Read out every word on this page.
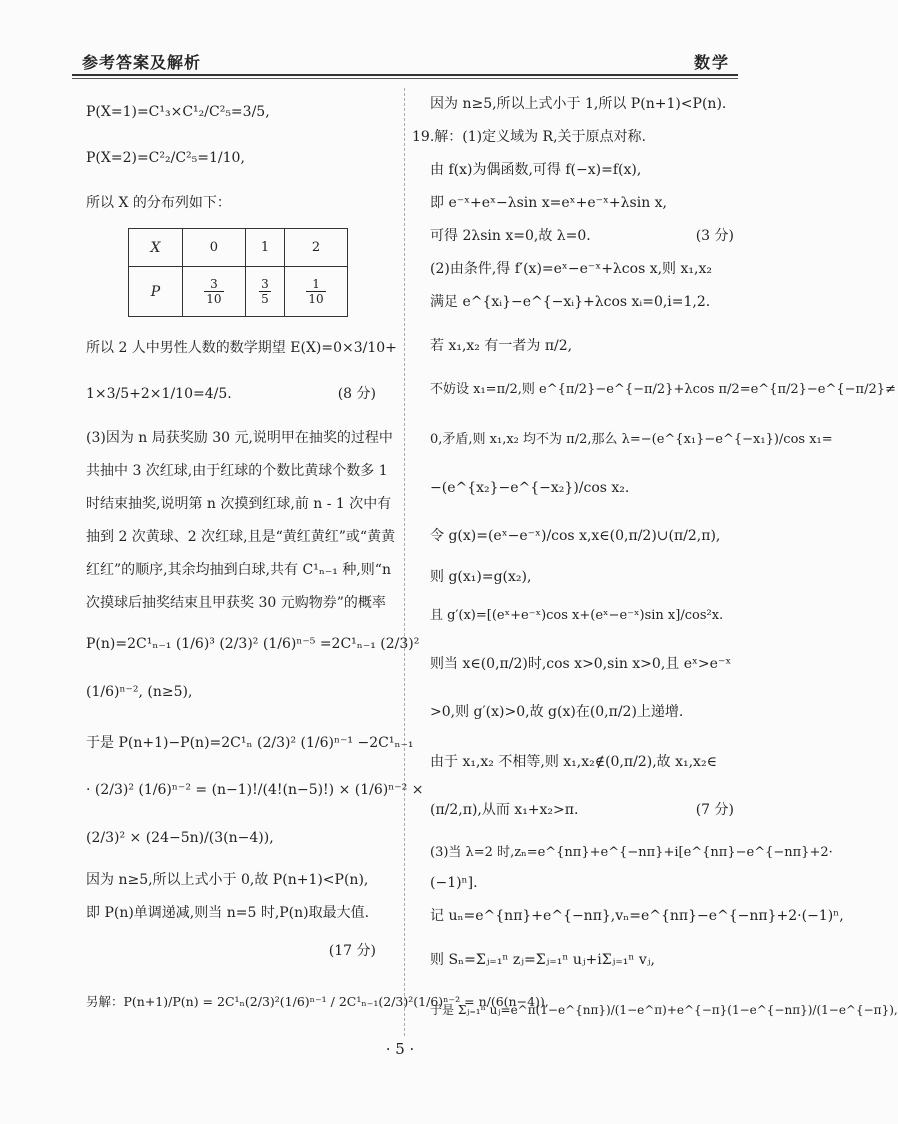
参考答案及解析	数学
P(X=1)=C¹₃×C¹₂/C²₅=3/5,
P(X=2)=C²₂/C²₅=1/10,
所以 X 的分布列如下：
X	0	1	2
P	$\frac{3}{10}$	$\frac{3}{5}$	$\frac{1}{10}$
所以 2 人中男性人数的数学期望 E(X)=0×3/10+
1×3/5+2×1/10=4/5.	(8 分)
(3)因为 n 局获奖励 30 元,说明甲在抽奖的过程中
共抽中 3 次红球,由于红球的个数比黄球个数多 1
时结束抽奖,说明第 n 次摸到红球,前 n - 1 次中有
抽到 2 次黄球、2 次红球,且是“黄红黄红”或“黄黄
红红”的顺序,其余均抽到白球,共有 C¹ₙ₋₁ 种,则“n
次摸球后抽奖结束且甲获奖 30 元购物券”的概率
P(n)=2C¹ₙ₋₁ (1/6)³ (2/3)² (1/6)ⁿ⁻⁵ =2C¹ₙ₋₁ (2/3)²
(1/6)ⁿ⁻², (n≥5),
于是 P(n+1)−P(n)=2C¹ₙ (2/3)² (1/6)ⁿ⁻¹ −2C¹ₙ₋₁
· (2/3)² (1/6)ⁿ⁻² = (n−1)!/(4!(n−5)!) × (1/6)ⁿ⁻² ×
(2/3)² × (24−5n)/(3(n−4)),
因为 n≥5,所以上式小于 0,故 P(n+1)<P(n),
即 P(n)单调递减,则当 n=5 时,P(n)取最大值.
(17 分)
另解：P(n+1)/P(n) = 2C¹ₙ(2/3)²(1/6)ⁿ⁻¹ / 2C¹ₙ₋₁(2/3)²(1/6)ⁿ⁻² = n/(6(n−4)),
因为 n≥5,所以上式小于 1,所以 P(n+1)<P(n).
19.解：(1)定义域为 R,关于原点对称.
由 f(x)为偶函数,可得 f(−x)=f(x),
即 e⁻ˣ+eˣ−λsin x=eˣ+e⁻ˣ+λsin x,
可得 2λsin x=0,故 λ=0.	(3 分)
(2)由条件,得 f′(x)=eˣ−e⁻ˣ+λcos x,则 x₁,x₂
满足 e^{xᵢ}−e^{−xᵢ}+λcos xᵢ=0,i=1,2.
若 x₁,x₂ 有一者为 π/2,
不妨设 x₁=π/2,则 e^{π/2}−e^{−π/2}+λcos π/2=e^{π/2}−e^{−π/2}≠
0,矛盾,则 x₁,x₂ 均不为 π/2,那么 λ=−(e^{x₁}−e^{−x₁})/cos x₁=
−(e^{x₂}−e^{−x₂})/cos x₂.
令 g(x)=(eˣ−e⁻ˣ)/cos x,x∈(0,π/2)∪(π/2,π),
则 g(x₁)=g(x₂),
且 g′(x)=[(eˣ+e⁻ˣ)cos x+(eˣ−e⁻ˣ)sin x]/cos²x.
则当 x∈(0,π/2)时,cos x>0,sin x>0,且 eˣ>e⁻ˣ
>0,则 g′(x)>0,故 g(x)在(0,π/2)上递增.
由于 x₁,x₂ 不相等,则 x₁,x₂∉(0,π/2),故 x₁,x₂∈
(π/2,π),从而 x₁+x₂>π.	(7 分)
(3)当 λ=2 时,zₙ=e^{nπ}+e^{−nπ}+i[e^{nπ}−e^{−nπ}+2·
(−1)ⁿ].
记 uₙ=e^{nπ}+e^{−nπ},vₙ=e^{nπ}−e^{−nπ}+2·(−1)ⁿ,
则 Sₙ=Σⱼ₌₁ⁿ zⱼ=Σⱼ₌₁ⁿ uⱼ+iΣⱼ₌₁ⁿ vⱼ,
于是 Σⱼ₌₁ⁿ uⱼ=e^π(1−e^{nπ})/(1−e^π)+e^{−π}(1−e^{−nπ})/(1−e^{−π}),
· 5 ·
